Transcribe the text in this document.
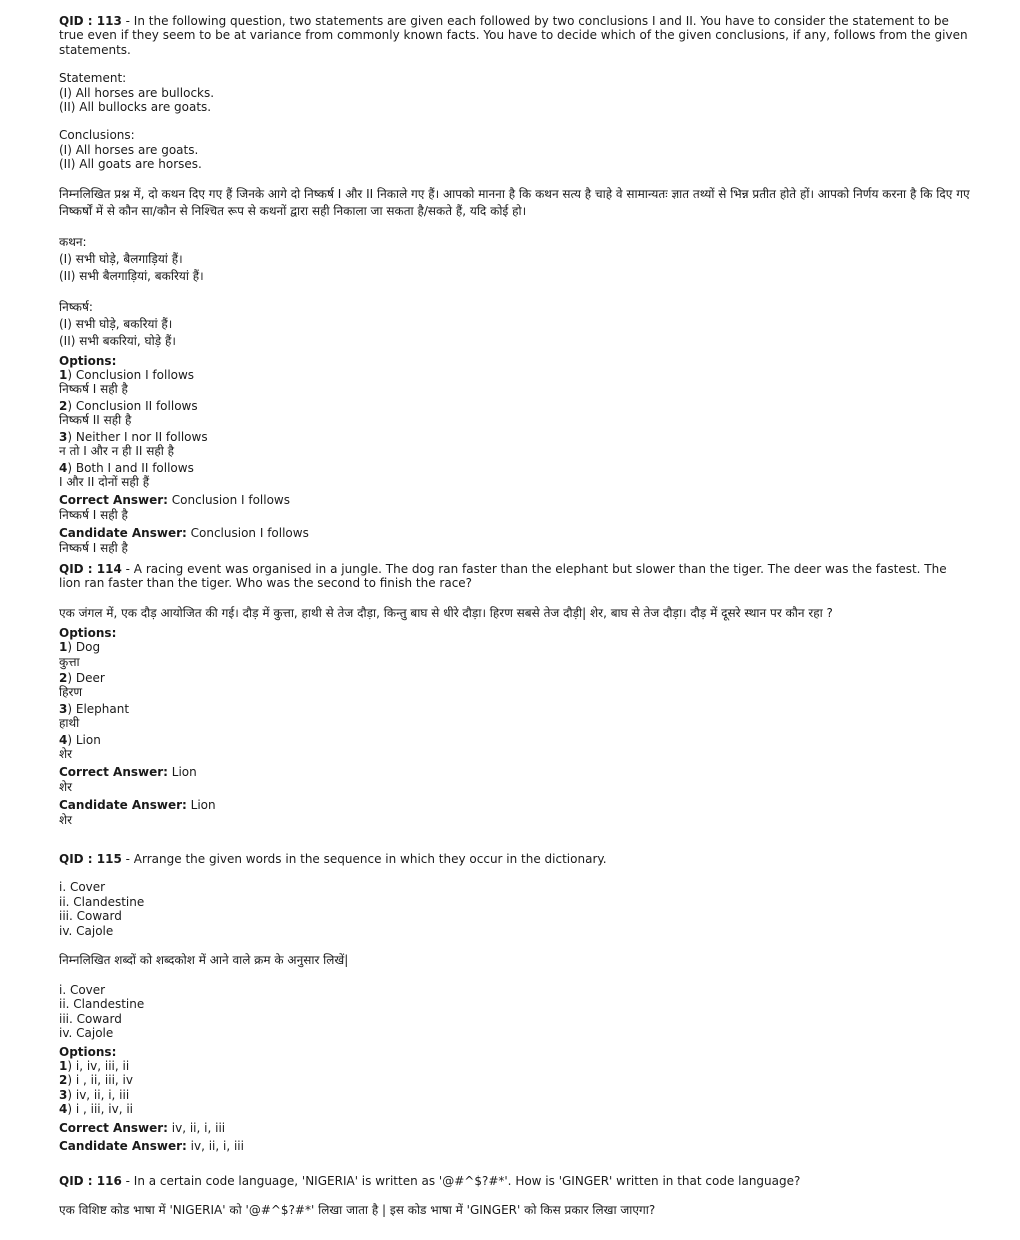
QID : 113 - In the following question, two statements are given each followed by two conclusions I and II. You have to consider the statement to be true even if they seem to be at variance from commonly known facts. You have to decide which of the given conclusions, if any, follows from the given statements.

Statement:

(I) All horses are bullocks.

(II) All bullocks are goats.

Conclusions:

(I) All horses are goats.

(II) All goats are horses.

निम्नलिखित प्रश्न में, दो कथन दिए गए हैं जिनके आगे दो निष्कर्ष I और II निकाले गए हैं। आपको मानना है कि कथन सत्य है चाहे वे सामान्यतः ज्ञात तथ्यों से भिन्न प्रतीत होते हों। आपको निर्णय करना है कि दिए गए निष्कर्षों में से कौन सा/कौन से निश्चित रूप से कथनों द्वारा सही निकाला जा सकता है/सकते हैं, यदि कोई हो।

कथन:

(I) सभी घोड़े, बैलगाड़ियां हैं।

(II) सभी बैलगाड़ियां, बकरियां हैं।

निष्कर्ष:

(I) सभी घोड़े, बकरियां हैं।

(II) सभी बकरियां, घोड़े हैं।

Options:

1) Conclusion I follows
निष्कर्ष I सही है
2) Conclusion II follows
निष्कर्ष II सही है
3) Neither I nor II follows
न तो I और न ही II सही है
4) Both I and II follows
I और II दोनों सही हैं

Correct Answer: Conclusion I follows

निष्कर्ष I सही है

Candidate Answer: Conclusion I follows

निष्कर्ष I सही है

QID : 114 - A racing event was organised in a jungle. The dog ran faster than the elephant but slower than the tiger. The deer was the fastest. The lion ran faster than the tiger. Who was the second to finish the race?

एक जंगल में, एक दौड़ आयोजित की गई। दौड़ में कुत्ता, हाथी से तेज दौड़ा, किन्तु बाघ से धीरे दौड़ा। हिरण सबसे तेज दौड़ी| शेर, बाघ से तेज दौड़ा। दौड़ में दूसरे स्थान पर कौन रहा ?

Options:

1) Dog
कुत्ता
2) Deer
हिरण
3) Elephant
हाथी
4) Lion
शेर

Correct Answer: Lion

शेर

Candidate Answer: Lion

शेर

QID : 115 - Arrange the given words in the sequence in which they occur in the dictionary.

i. Cover

ii. Clandestine

iii. Coward

iv. Cajole

निम्नलिखित शब्दों को शब्दकोश में आने वाले क्रम के अनुसार लिखें|

i. Cover

ii. Clandestine

iii. Coward

iv. Cajole

Options:

1) i, iv, iii, ii
2) i , ii, iii, iv
3) iv, ii, i, iii
4) i , iii, iv, ii

Correct Answer: iv, ii, i, iii

Candidate Answer: iv, ii, i, iii

QID : 116 - In a certain code language, 'NIGERIA' is written as '@#^$?#*'. How is 'GINGER' written in that code language?

एक विशिष्ट कोड भाषा में 'NIGERIA' को '@#^$?#*' लिखा जाता है | इस कोड भाषा में 'GINGER' को किस प्रकार लिखा जाएगा?
